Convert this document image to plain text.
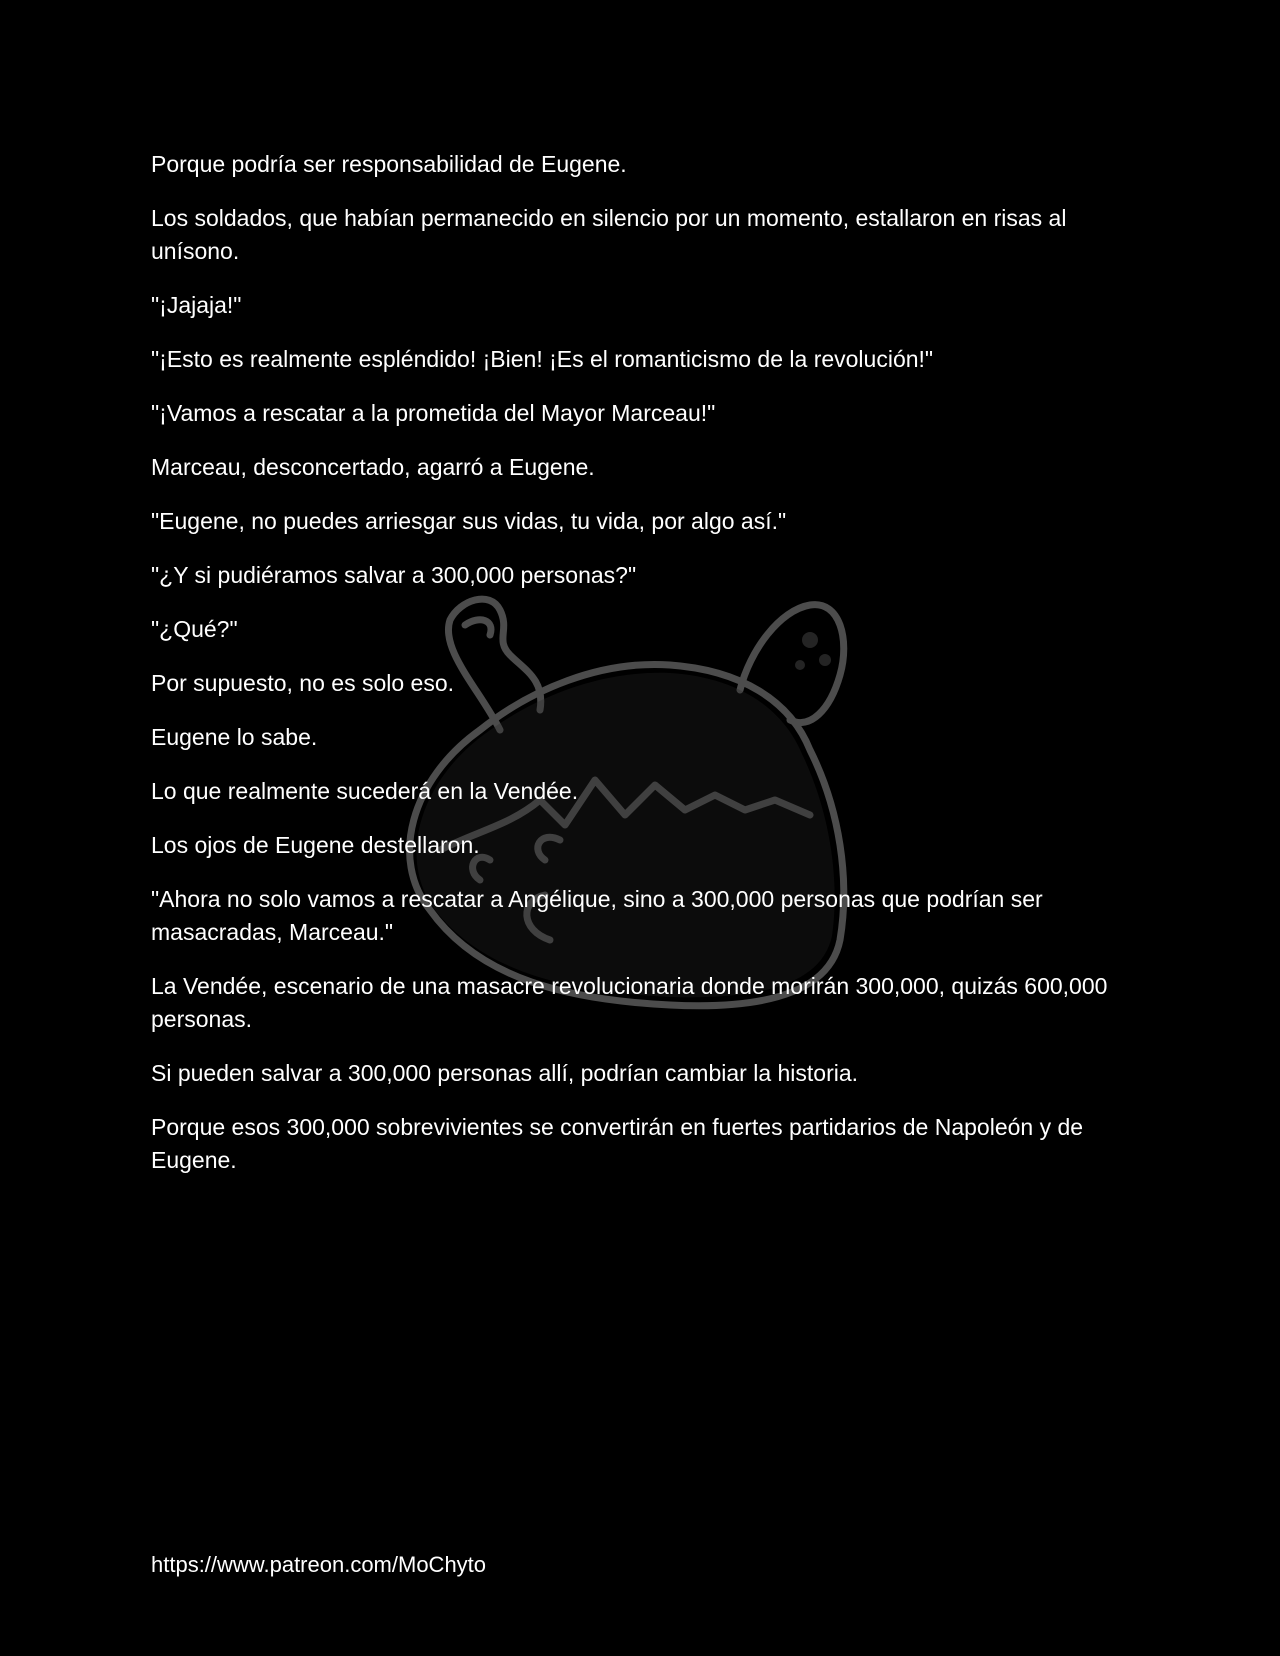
Porque podría ser responsabilidad de Eugene.

Los soldados, que habían permanecido en silencio por un momento, estallaron en risas al unísono.

"¡Jajaja!"

"¡Esto es realmente espléndido! ¡Bien! ¡Es el romanticismo de la revolución!"

"¡Vamos a rescatar a la prometida del Mayor Marceau!"

Marceau, desconcertado, agarró a Eugene.

"Eugene, no puedes arriesgar sus vidas, tu vida, por algo así."

"¿Y si pudiéramos salvar a 300,000 personas?"

"¿Qué?"

Por supuesto, no es solo eso.

Eugene lo sabe.

Lo que realmente sucederá en la Vendée.

Los ojos de Eugene destellaron.

"Ahora no solo vamos a rescatar a Angélique, sino a 300,000 personas que podrían ser masacradas, Marceau."

La Vendée, escenario de una masacre revolucionaria donde morirán 300,000, quizás 600,000 personas.

Si pueden salvar a 300,000 personas allí, podrían cambiar la historia.

Porque esos 300,000 sobrevivientes se convertirán en fuertes partidarios de Napoleón y de Eugene.

https://www.patreon.com/MoChyto
